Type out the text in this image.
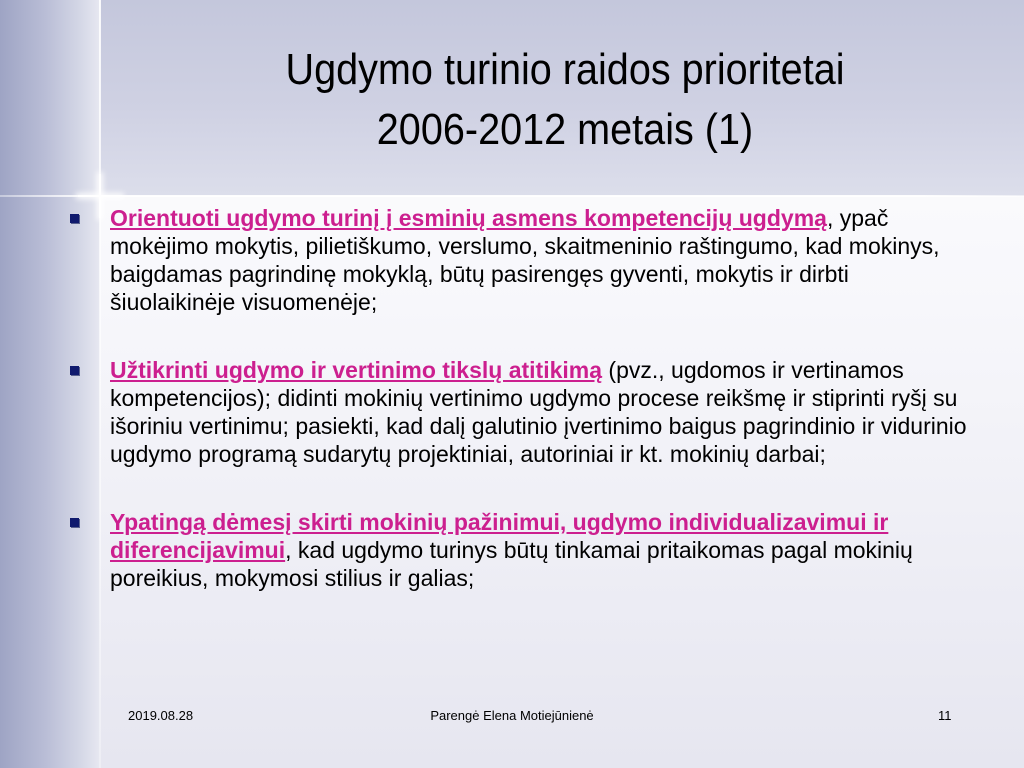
Ugdymo turinio raidos prioritetai
2006-2012 metais (1)
Orientuoti ugdymo turinį į esminių asmens kompetencijų ugdymą, ypač mokėjimo mokytis, pilietiškumo, verslumo, skaitmeninio raštingumo, kad mokinys, baigdamas pagrindinę mokyklą, būtų pasirengęs gyventi, mokytis ir dirbti šiuolaikinėje visuomenėje;
Užtikrinti ugdymo ir vertinimo tikslų atitikimą (pvz., ugdomos ir vertinamos kompetencijos); didinti mokinių vertinimo ugdymo procese reikšmę ir stiprinti ryšį su išoriniu vertinimu; pasiekti, kad dalį galutinio įvertinimo baigus pagrindinio ir vidurinio ugdymo programą sudarytų projektiniai, autoriniai ir kt. mokinių darbai;
Ypatingą dėmesį skirti mokinių pažinimui, ugdymo individualizavimui ir diferencijavimui, kad ugdymo turinys būtų tinkamai pritaikomas pagal mokinių poreikius, mokymosi stilius ir galias;
2019.08.28	Parengė Elena Motiejūnienė	11
